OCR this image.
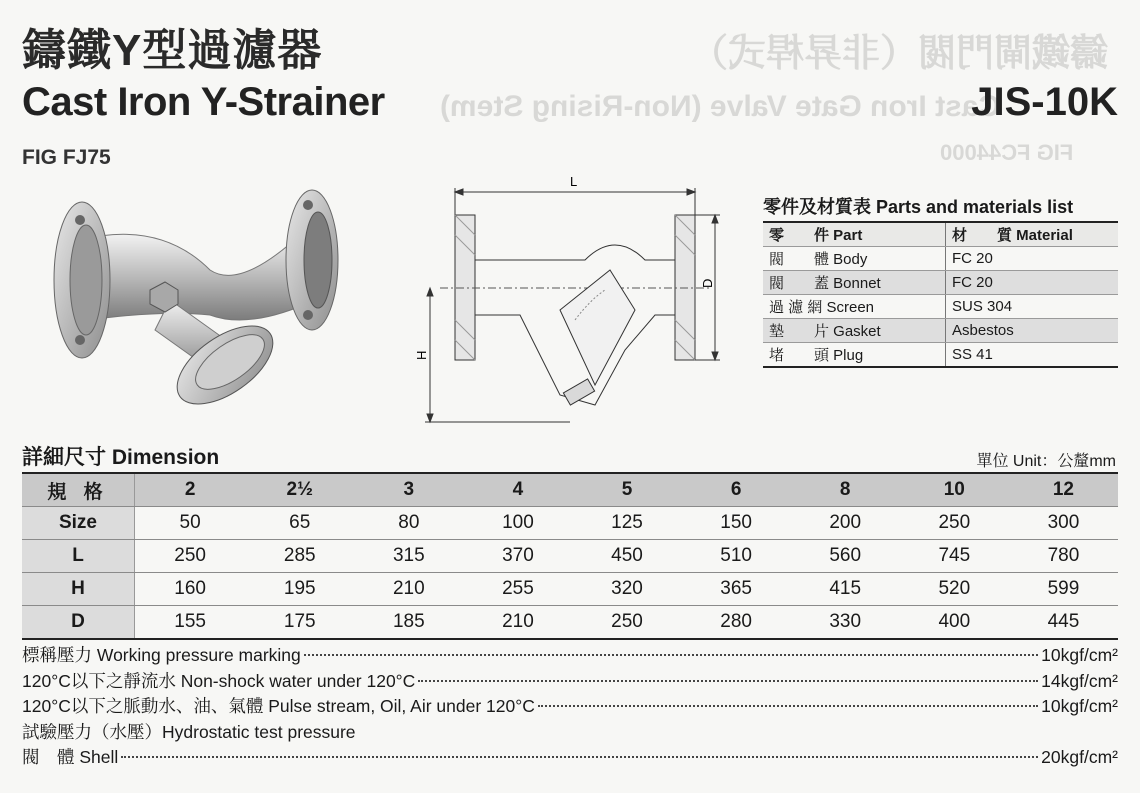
鑄鐵閘門閥（非昇桿式）
Cast Iron Gate Valve (Non-Rising Stem)
FIG FC44000
鑄鐵Y型過濾器
Cast Iron Y-Strainer	JIS-10K
FIG FJ75
L
D
H
零件及材質表 Parts and materials list
零　　件 Part	材　　質 Material
閥　　體 Body	FC 20
閥　　蓋 Bonnet	FC 20
過 濾 網 Screen	SUS 304
墊　　片 Gasket	Asbestos
堵　　頭 Plug	SS 41
詳細尺寸 Dimension	單位 Unit：公釐mm
規 格	2	2½	3	4	5	6	8	10	12
Size	50	65	80	100	125	150	200	250	300
L	250	285	315	370	450	510	560	745	780
H	160	195	210	255	320	365	415	520	599
D	155	175	185	210	250	280	330	400	445
標稱壓力 Working pressure marking	10kgf/cm²
120°C以下之靜流水 Non-shock water under 120°C	14kgf/cm²
120°C以下之脈動水、油、氣體 Pulse stream, Oil, Air under 120°C	10kgf/cm²
試驗壓力（水壓）Hydrostatic test pressure
閥　體 Shell	20kgf/cm²
